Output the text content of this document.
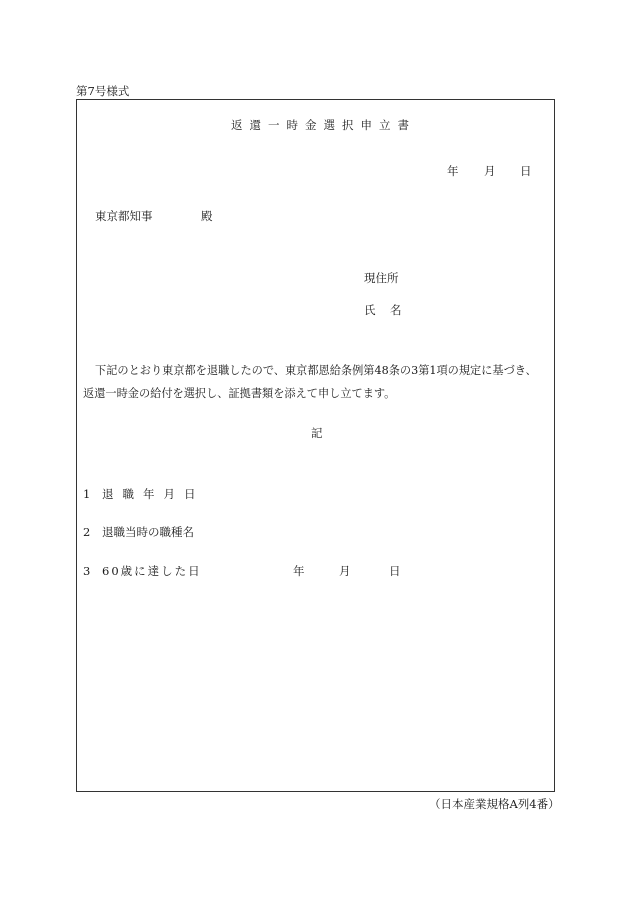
第7号様式
返還一時金選択申立書
年 月 日
東京都知事	殿
現住所
氏 名
下記のとおり東京都を退職したので、東京都恩給条例第48条の3第1項の規定に基づき、
返還一時金の給付を選択し、証拠書類を添えて申し立てます。
記
1 退職年月日
2 退職当時の職種名
3 60歳に達した日	年	月	日
（日本産業規格A列4番）
